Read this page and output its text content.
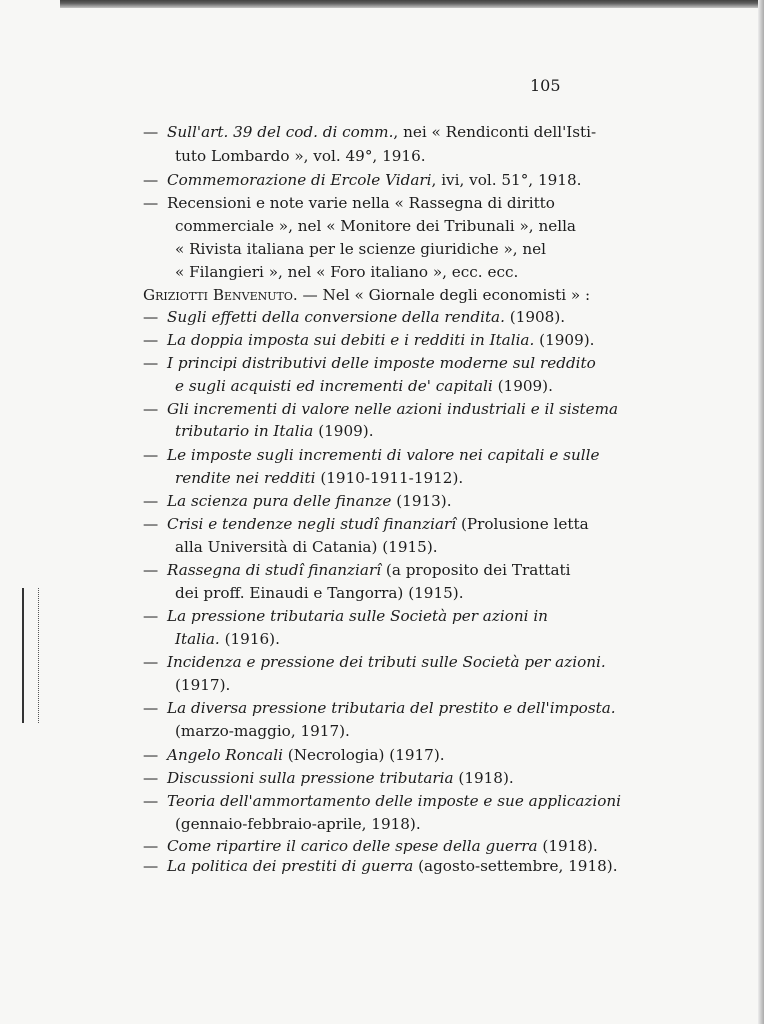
105
— Sull'art. 39 del cod. di comm., nei « Rendiconti dell'Isti-
tuto Lombardo », vol. 49°, 1916.
— Commemorazione di Ercole Vidari, ivi, vol. 51°, 1918.
— Recensioni e note varie nella « Rassegna di diritto
commerciale », nel « Monitore dei Tribunali », nella
« Rivista italiana per le scienze giuridiche », nel
« Filangieri », nel « Foro italiano », ecc. ecc.
Griziotti Benvenuto. — Nel « Giornale degli economisti » :
— Sugli effetti della conversione della rendita. (1908).
— La doppia imposta sui debiti e i redditi in Italia. (1909).
— I principi distributivi delle imposte moderne sul reddito
e sugli acquisti ed incrementi de' capitali (1909).
— Gli incrementi di valore nelle azioni industriali e il sistema
tributario in Italia (1909).
— Le imposte sugli incrementi di valore nei capitali e sulle
rendite nei redditi (1910-1911-1912).
— La scienza pura delle finanze (1913).
— Crisi e tendenze negli studî finanziarî (Prolusione letta
alla Università di Catania) (1915).
— Rassegna di studî finanziarî (a proposito dei Trattati
dei proff. Einaudi e Tangorra) (1915).
— La pressione tributaria sulle Società per azioni in
Italia. (1916).
— Incidenza e pressione dei tributi sulle Società per azioni.
(1917).
— La diversa pressione tributaria del prestito e dell'imposta.
(marzo-maggio, 1917).
— Angelo Roncali (Necrologia) (1917).
— Discussioni sulla pressione tributaria (1918).
— Teoria dell'ammortamento delle imposte e sue applicazioni
(gennaio-febbraio-aprile, 1918).
— Come ripartire il carico delle spese della guerra (1918).
— La politica dei prestiti di guerra (agosto-settembre, 1918).
